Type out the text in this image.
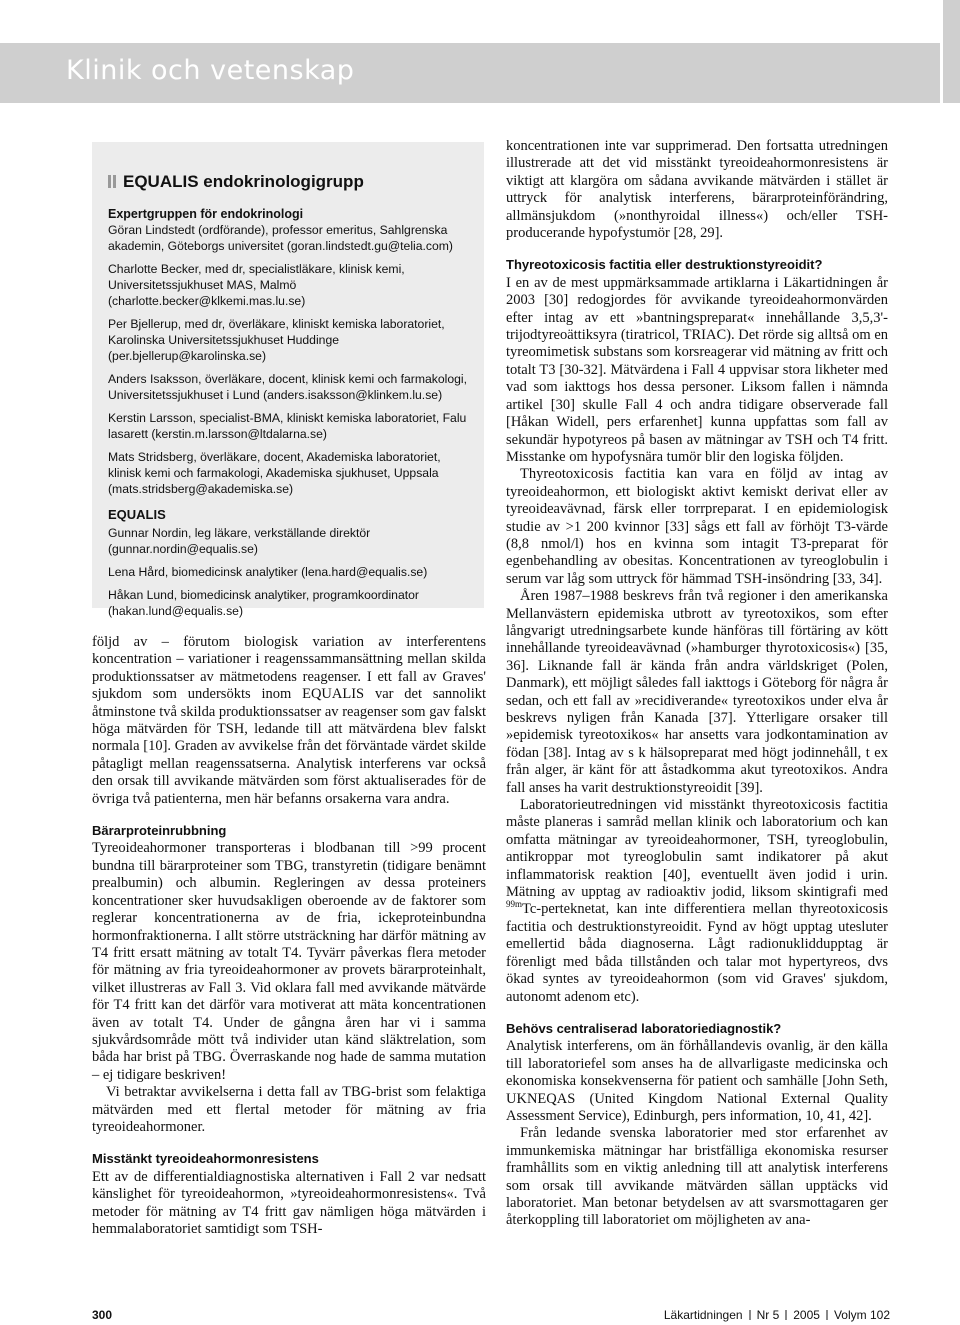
Klinik och vetenskap
EQUALIS endokrinologigrupp
Expertgruppen för endokrinologi

Göran Lindstedt (ordförande), professor emeritus, Sahlgrenska akademin, Göteborgs universitet (goran.lindstedt.gu@telia.com)

Charlotte Becker, med dr, specialistläkare, klinisk kemi, Universitetssjukhuset MAS, Malmö (charlotte.becker@klkemi.mas.lu.se)

Per Bjellerup, med dr, överläkare, kliniskt kemiska laboratoriet, Karolinska Universitetssjukhuset Huddinge (per.bjellerup@karolinska.se)

Anders Isaksson, överläkare, docent, klinisk kemi och farmakologi, Universitetssjukhuset i Lund (anders.isaksson@klinkem.lu.se)

Kerstin Larsson, specialist-BMA, kliniskt kemiska laboratoriet, Falu lasarett (kerstin.m.larsson@ltdalarna.se)

Mats Stridsberg, överläkare, docent, Akademiska laboratoriet, klinisk kemi och farmakologi, Akademiska sjukhuset, Uppsala (mats.stridsberg@akademiska.se)

EQUALIS

Gunnar Nordin, leg läkare, verkställande direktör (gunnar.nordin@equalis.se)

Lena Hård, biomedicinsk analytiker (lena.hard@equalis.se)

Håkan Lund, biomedicinsk analytiker, programkoordinator (hakan.lund@equalis.se)

följd av – förutom biologisk variation av interferentens koncentration – variationer i reagenssammansättning mellan skilda produktionssatser av mätmetodens reagenser. I ett fall av Graves' sjukdom som undersökts inom EQUALIS var det sannolikt åtminstone två skilda produktionssatser av reagenser som gav falskt höga mätvärden för TSH, ledande till att mätvärdena blev falskt normala [10]. Graden av avvikelse från det förväntade värdet skilde påtagligt mellan reagenssatserna. Analytisk interferens var också den orsak till avvikande mätvärden som först aktualiserades för de övriga två patienterna, men här befanns orsakerna vara andra.

Bärarproteinrubbning

Tyreoideahormoner transporteras i blodbanan till >99 procent bundna till bärarproteiner som TBG, transtyretin (tidigare benämnt prealbumin) och albumin. Regleringen av dessa proteiners koncentrationer sker huvudsakligen oberoende av de faktorer som reglerar koncentrationerna av de fria, ickeproteinbundna hormonfraktionerna. I allt större utsträckning har därför mätning av T4 fritt ersatt mätning av totalt T4. Tyvärr påverkas flera metoder för mätning av fria tyreoideahormoner av provets bärarproteinhalt, vilket illustreras av Fall 3. Vid oklara fall med avvikande mätvärde för T4 fritt kan det därför vara motiverat att mäta koncentrationen även av totalt T4. Under de gångna åren har vi i samma sjukvårdsområde mött två individer utan känd släktrelation, som båda har brist på TBG. Överraskande nog hade de samma mutation – ej tidigare beskriven!

Vi betraktar avvikelserna i detta fall av TBG-brist som felaktiga mätvärden med ett flertal metoder för mätning av fria tyreoideahormoner.

Misstänkt tyreoideahormonresistens

Ett av de differentialdiagnostiska alternativen i Fall 2 var nedsatt känslighet för tyreoideahormon, »tyreoideahormonresistens«. Två metoder för mätning av T4 fritt gav nämligen höga mätvärden i hemmalaboratoriet samtidigt som TSH-

koncentrationen inte var supprimerad. Den fortsatta utredningen illustrerade att det vid misstänkt tyreoideahormonresistens är viktigt att klargöra om sådana avvikande mätvärden i stället är uttryck för analytisk interferens, bärarproteinförändring, allmänsjukdom (»nonthyroidal illness«) och/eller TSH-producerande hypofystumör [28, 29].

Thyreotoxicosis factitia eller destruktionstyreoidit?

I en av de mest uppmärksammade artiklarna i Läkartidningen år 2003 [30] redogjordes för avvikande tyreoideahormonvärden efter intag av ett »bantningspreparat« innehållande 3,5,3'-trijodtyreoättiksyra (tiratricol, TRIAC). Det rörde sig alltså om en tyreomimetisk substans som korsreagerar vid mätning av fritt och totalt T3 [30-32]. Mätvärdena i Fall 4 uppvisar stora likheter med vad som iakttogs hos dessa personer. Liksom fallen i nämnda artikel [30] skulle Fall 4 och andra tidigare observerade fall [Håkan Widell, pers erfarenhet] kunna uppfattas som fall av sekundär hypotyreos på basen av mätningar av TSH och T4 fritt. Misstanke om hypofysnära tumör blir den logiska följden.

Thyreotoxicosis factitia kan vara en följd av intag av tyreoideahormon, ett biologiskt aktivt kemiskt derivat eller av tyreoideavävnad, färsk eller torrpreparat. I en epidemiologisk studie av >1 200 kvinnor [33] sågs ett fall av förhöjt T3-värde (8,8 nmol/l) hos en kvinna som intagit T3-preparat för egenbehandling av obesitas. Koncentrationen av tyreoglobulin i serum var låg som uttryck för hämmad TSH-insöndring [33, 34].

Åren 1987–1988 beskrevs från två regioner i den amerikanska Mellanvästern epidemiska utbrott av tyreotoxikos, som efter långvarigt utredningsarbete kunde hänföras till förtäring av kött innehållande tyreoideavävnad (»hamburger thyrotoxicosis«) [35, 36]. Liknande fall är kända från andra världskriget (Polen, Danmark), ett möjligt således fall iakttogs i Göteborg för några år sedan, och ett fall av »recidiverande« tyreotoxikos under elva år beskrevs nyligen från Kanada [37]. Ytterligare orsaker till »epidemisk tyreotoxikos« har ansetts vara jodkontamination av födan [38]. Intag av s k hälsopreparat med högt jodinnehåll, t ex från alger, är känt för att åstadkomma akut tyreotoxikos. Andra fall anses ha varit destruktionstyreoidit [39].

Laboratorieutredningen vid misstänkt thyreotoxicosis factitia måste planeras i samråd mellan klinik och laboratorium och kan omfatta mätningar av tyreoideahormoner, TSH, tyreoglobulin, antikroppar mot tyreoglobulin samt indikatorer på akut inflammatorisk reaktion [40], eventuellt även jodid i urin. Mätning av upptag av radioaktiv jodid, liksom skintigrafi med $^{99m}$Tc-perteknetat, kan inte differentiera mellan thyreotoxicosis factitia och destruktionstyreoidit. Fynd av högt upptag utesluter emellertid båda diagnoserna. Lågt radionukliddupptag är förenligt med båda tillstånden och talar mot hypertyreos, dvs ökad syntes av tyreoideahormon (som vid Graves' sjukdom, autonomt adenom etc).

Behövs centraliserad laboratoriediagnostik?

Analytisk interferens, om än förhållandevis ovanlig, är den källa till laboratoriefel som anses ha de allvarligaste medicinska och ekonomiska konsekvenserna för patient och samhälle [John Seth, UKNEQAS (United Kingdom National External Quality Assessment Service), Edinburgh, pers information, 10, 41, 42].

Från ledande svenska laboratorier med stor erfarenhet av immunkemiska mätningar har bristfälliga ekonomiska resurser framhållits som en viktig anledning till att analytisk interferens som orsak till avvikande mätvärden sällan upptäcks vid laboratoriet. Man betonar betydelsen av att svarsmottagaren ger återkoppling till laboratoriet om möjligheten av ana-

300	Läkartidningen Nr 5 2005 Volym 102
